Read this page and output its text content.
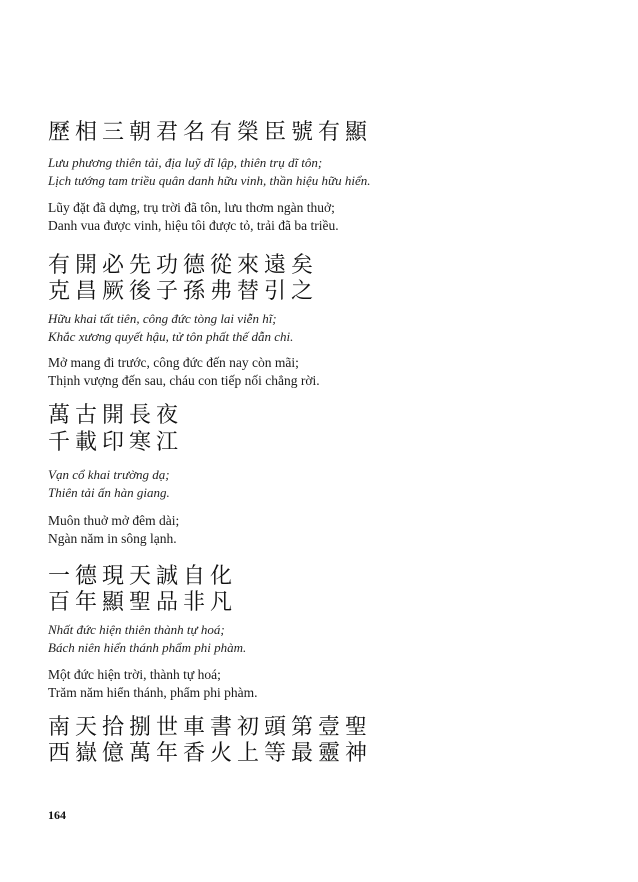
歷相三朝君名有榮臣號有顯
Lưu phương thiên tải, địa luỹ dĩ lập, thiên trụ dĩ tôn;
Lịch tướng tam triều quân danh hữu vinh, thần hiệu hữu hiển.
Lũy đặt đã dựng, trụ trời đã tôn, lưu thơm ngàn thuở;
Danh vua được vinh, hiệu tôi được tỏ, trải đã ba triều.
有開必先功德從來遠矣
克昌厥後子孫弗替引之
Hữu khai tất tiên, công đức tòng lai viễn hĩ;
Khắc xương quyết hậu, tử tôn phất thế dẫn chi.
Mở mang đi trước, công đức đến nay còn mãi;
Thịnh vượng đến sau, cháu con tiếp nối chẳng rời.
萬古開長夜
千載印寒江
Vạn cổ khai trường dạ;
Thiên tải ấn hàn giang.
Muôn thuở mở đêm dài;
Ngàn năm in sông lạnh.
一德現天誠自化
百年顯聖品非凡
Nhất đức hiện thiên thành tự hoá;
Bách niên hiển thánh phẩm phi phàm.
Một đức hiện trời, thành tự hoá;
Trăm năm hiển thánh, phẩm phi phàm.
南天拾捌世車書初頭第壹聖
西嶽億萬年香火上等最靈神
164
